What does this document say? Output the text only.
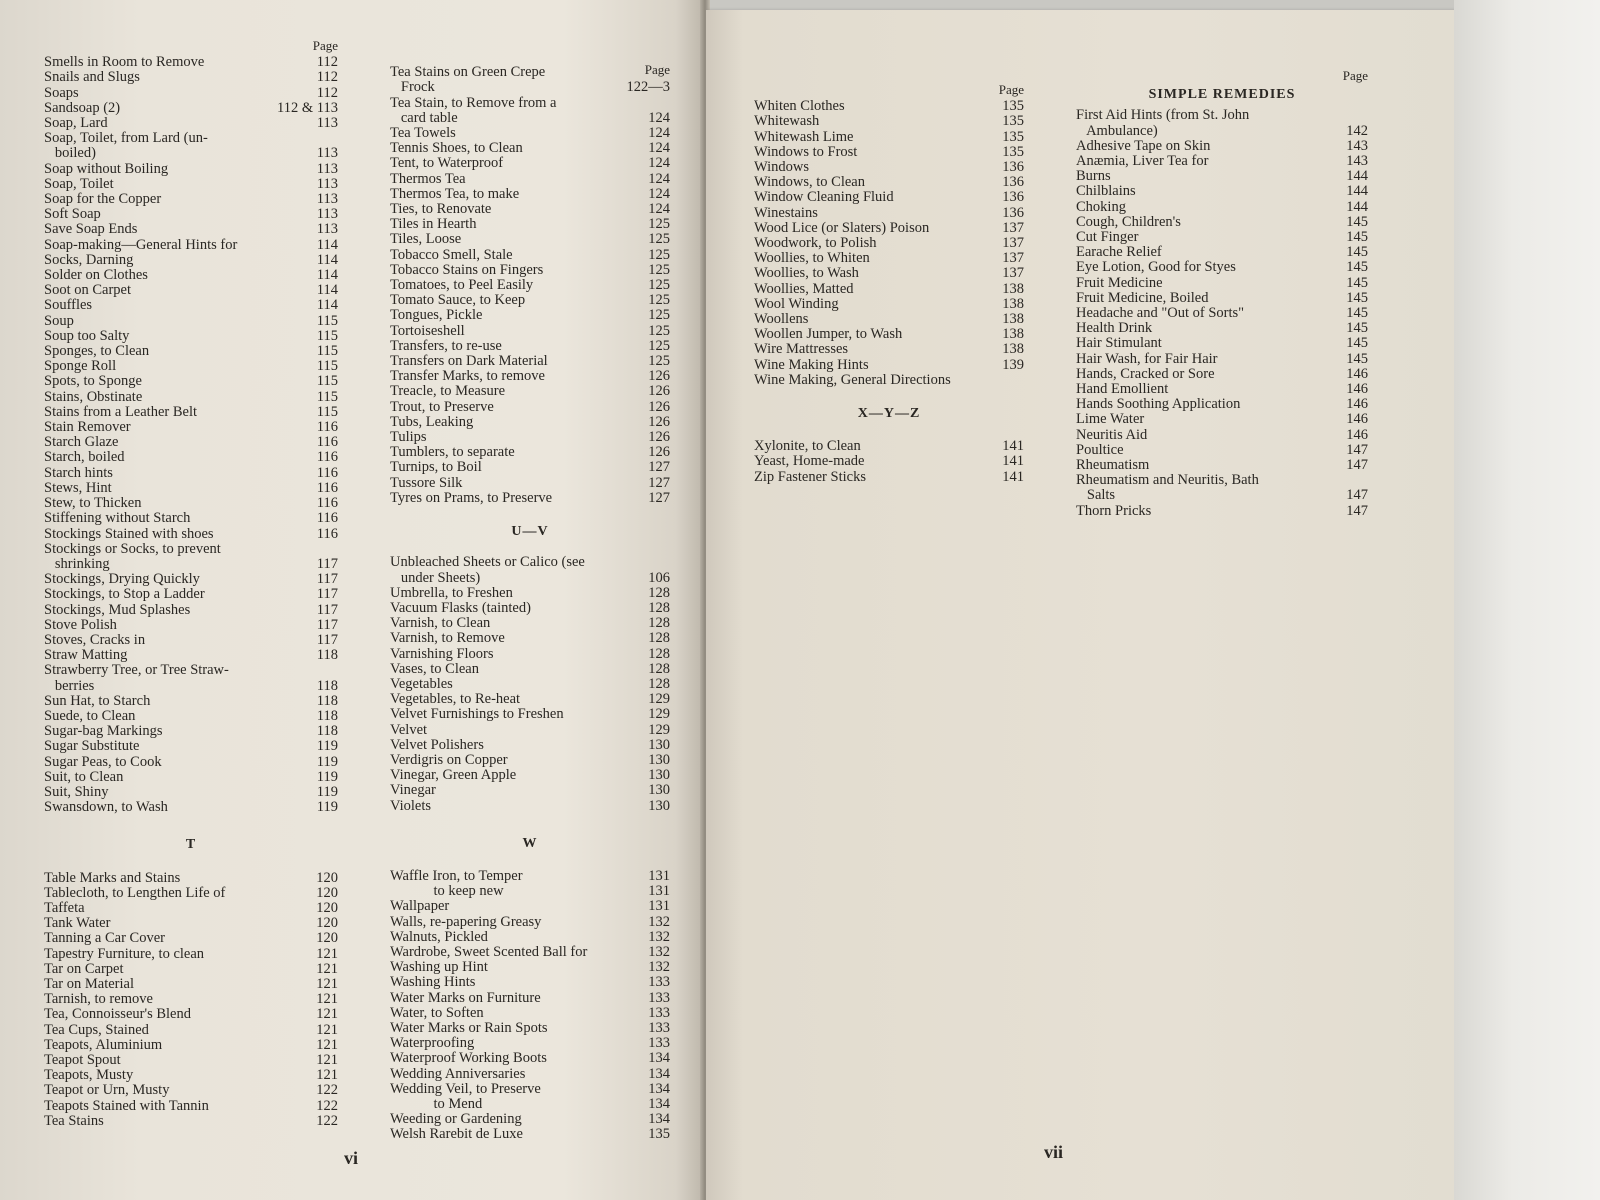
Page
Smells in Room to Remove	112
Snails and Slugs	112
Soaps	112
Sandsoap (2)	112 & 113
Soap, Lard	113
Soap, Toilet, from Lard (un-
boiled)	113
Soap without Boiling	113
Soap, Toilet	113
Soap for the Copper	113
Soft Soap	113
Save Soap Ends	113
Soap-making—General Hints for	114
Socks, Darning	114
Solder on Clothes	114
Soot on Carpet	114
Souffles	114
Soup	115
Soup too Salty	115
Sponges, to Clean	115
Sponge Roll	115
Spots, to Sponge	115
Stains, Obstinate	115
Stains from a Leather Belt	115
Stain Remover	116
Starch Glaze	116
Starch, boiled	116
Starch hints	116
Stews, Hint	116
Stew, to Thicken	116
Stiffening without Starch	116
Stockings Stained with shoes	116
Stockings or Socks, to prevent
shrinking	117
Stockings, Drying Quickly	117
Stockings, to Stop a Ladder	117
Stockings, Mud Splashes	117
Stove Polish	117
Stoves, Cracks in	117
Straw Matting	118
Strawberry Tree, or Tree Straw-
berries	118
Sun Hat, to Starch	118
Suede, to Clean	118
Sugar-bag Markings	118
Sugar Substitute	119
Sugar Peas, to Cook	119
Suit, to Clean	119
Suit, Shiny	119
Swansdown, to Wash	119
T
Table Marks and Stains	120
Tablecloth, to Lengthen Life of	120
Taffeta	120
Tank Water	120
Tanning a Car Cover	120
Tapestry Furniture, to clean	121
Tar on Carpet	121
Tar on Material	121
Tarnish, to remove	121
Tea, Connoisseur's Blend	121
Tea Cups, Stained	121
Teapots, Aluminium	121
Teapot Spout	121
Teapots, Musty	121
Teapot or Urn, Musty	122
Teapots Stained with Tannin	122
Tea Stains	122
Page
Tea Stains on Green Crepe
Frock	122—3
Tea Stain, to Remove from a
card table	124
Tea Towels	124
Tennis Shoes, to Clean	124
Tent, to Waterproof	124
Thermos Tea	124
Thermos Tea, to make	124
Ties, to Renovate	124
Tiles in Hearth	125
Tiles, Loose	125
Tobacco Smell, Stale	125
Tobacco Stains on Fingers	125
Tomatoes, to Peel Easily	125
Tomato Sauce, to Keep	125
Tongues, Pickle	125
Tortoiseshell	125
Transfers, to re-use	125
Transfers on Dark Material	125
Transfer Marks, to remove	126
Treacle, to Measure	126
Trout, to Preserve	126
Tubs, Leaking	126
Tulips	126
Tumblers, to separate	126
Turnips, to Boil	127
Tussore Silk	127
Tyres on Prams, to Preserve	127
U—V
Unbleached Sheets or Calico (see
under Sheets)	106
Umbrella, to Freshen	128
Vacuum Flasks (tainted)	128
Varnish, to Clean	128
Varnish, to Remove	128
Varnishing Floors	128
Vases, to Clean	128
Vegetables	128
Vegetables, to Re-heat	129
Velvet Furnishings to Freshen	129
Velvet	129
Velvet Polishers	130
Verdigris on Copper	130
Vinegar, Green Apple	130
Vinegar	130
Violets	130
W
Waffle Iron, to Temper	131
to keep new	131
Wallpaper	131
Walls, re-papering Greasy	132
Walnuts, Pickled	132
Wardrobe, Sweet Scented Ball for	132
Washing up Hint	132
Washing Hints	133
Water Marks on Furniture	133
Water, to Soften	133
Water Marks or Rain Spots	133
Waterproofing	133
Waterproof Working Boots	134
Wedding Anniversaries	134
Wedding Veil, to Preserve	134
to Mend	134
Weeding or Gardening	134
Welsh Rarebit de Luxe	135
vi
Page
Whiten Clothes	135
Whitewash	135
Whitewash Lime	135
Windows to Frost	135
Windows	136
Windows, to Clean	136
Window Cleaning Fluid	136
Winestains	136
Wood Lice (or Slaters) Poison	137
Woodwork, to Polish	137
Woollies, to Whiten	137
Woollies, to Wash	137
Woollies, Matted	138
Wool Winding	138
Woollens	138
Woollen Jumper, to Wash	138
Wire Mattresses	138
Wine Making Hints	139
Wine Making, General Directions
X—Y—Z
Xylonite, to Clean	141
Yeast, Home-made	141
Zip Fastener Sticks	141
Page
SIMPLE REMEDIES
First Aid Hints (from St. John
Ambulance)	142
Adhesive Tape on Skin	143
Anæmia, Liver Tea for	143
Burns	144
Chilblains	144
Choking	144
Cough, Children's	145
Cut Finger	145
Earache Relief	145
Eye Lotion, Good for Styes	145
Fruit Medicine	145
Fruit Medicine, Boiled	145
Headache and "Out of Sorts"	145
Health Drink	145
Hair Stimulant	145
Hair Wash, for Fair Hair	145
Hands, Cracked or Sore	146
Hand Emollient	146
Hands Soothing Application	146
Lime Water	146
Neuritis Aid	146
Poultice	147
Rheumatism	147
Rheumatism and Neuritis, Bath
Salts	147
Thorn Pricks	147
vii
